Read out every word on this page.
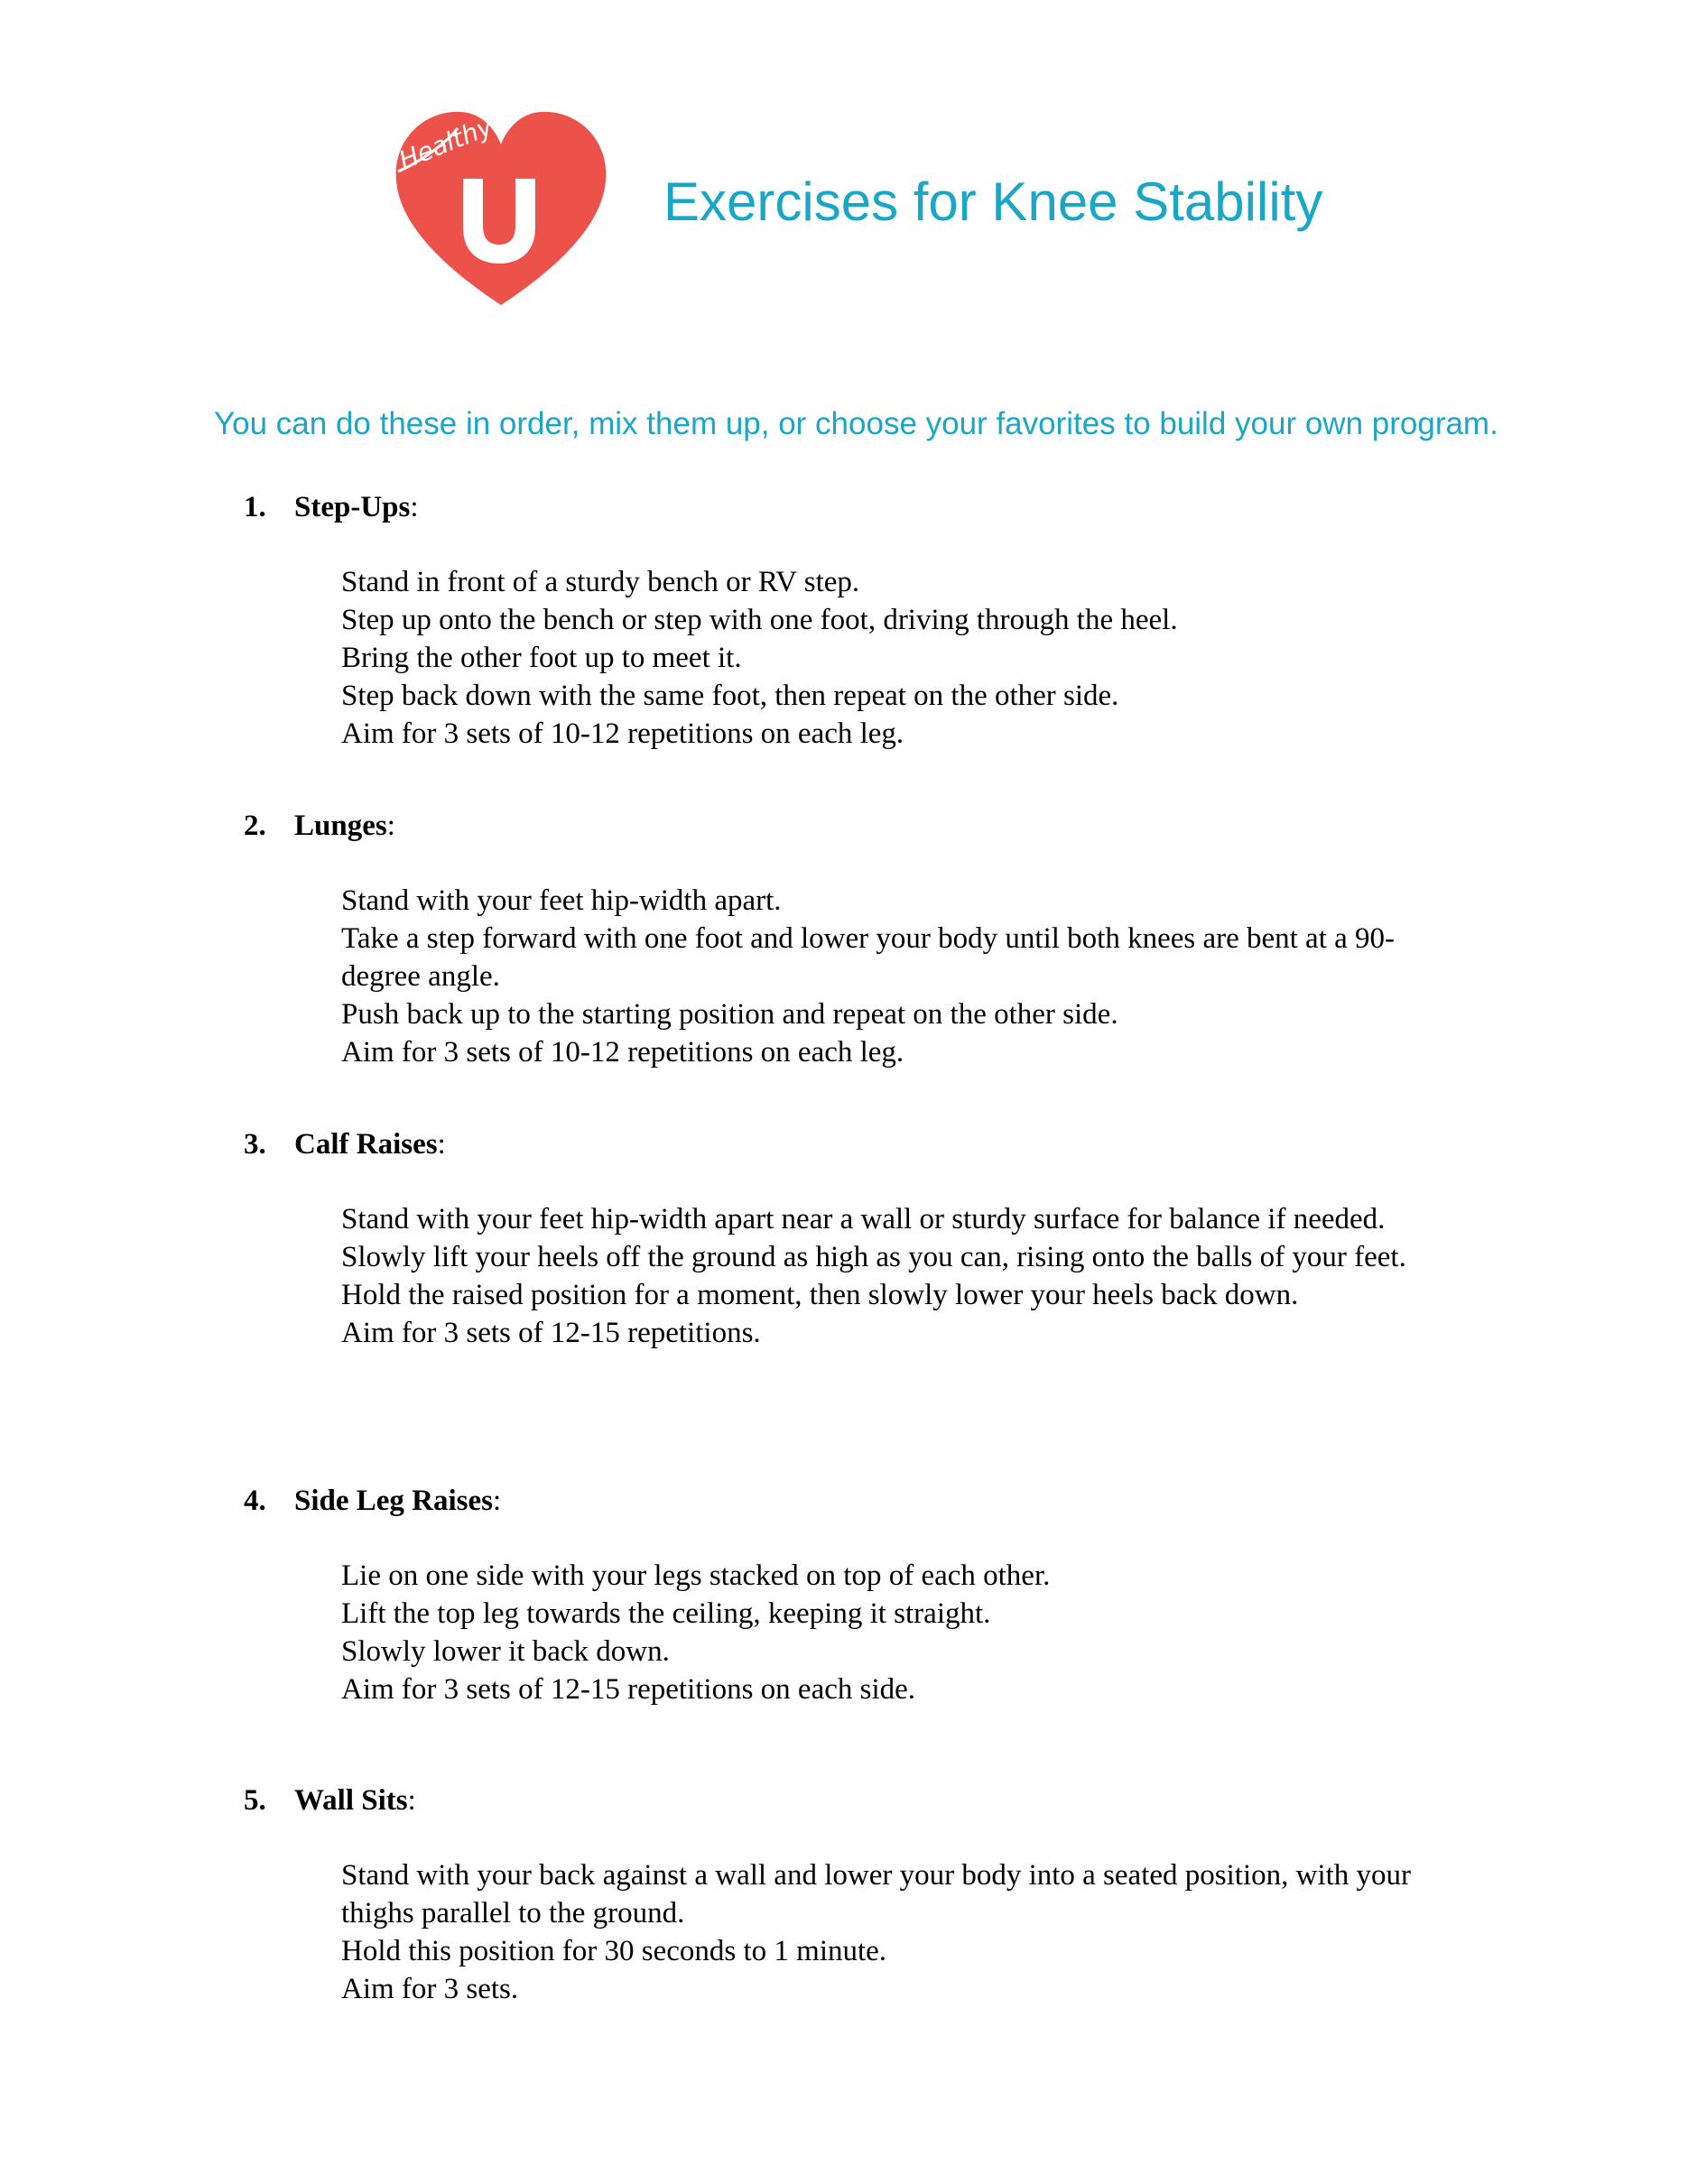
Healthy
Exercises for Knee Stability

You can do these in order, mix them up, or choose your favorites to build your own program.

1. Step-Ups:
Stand in front of a sturdy bench or RV step.
Step up onto the bench or step with one foot, driving through the heel.
Bring the other foot up to meet it.
Step back down with the same foot, then repeat on the other side.
Aim for 3 sets of 10-12 repetitions on each leg.
2. Lunges:
Stand with your feet hip-width apart.
Take a step forward with one foot and lower your body until both knees are bent at a 90-degree angle.
Push back up to the starting position and repeat on the other side.
Aim for 3 sets of 10-12 repetitions on each leg.
3. Calf Raises:
Stand with your feet hip-width apart near a wall or sturdy surface for balance if needed.
Slowly lift your heels off the ground as high as you can, rising onto the balls of your feet.
Hold the raised position for a moment, then slowly lower your heels back down.
Aim for 3 sets of 12-15 repetitions.
4. Side Leg Raises:
Lie on one side with your legs stacked on top of each other.
Lift the top leg towards the ceiling, keeping it straight.
Slowly lower it back down.
Aim for 3 sets of 12-15 repetitions on each side.
5. Wall Sits:
Stand with your back against a wall and lower your body into a seated position, with your thighs parallel to the ground.
Hold this position for 30 seconds to 1 minute.
Aim for 3 sets.
